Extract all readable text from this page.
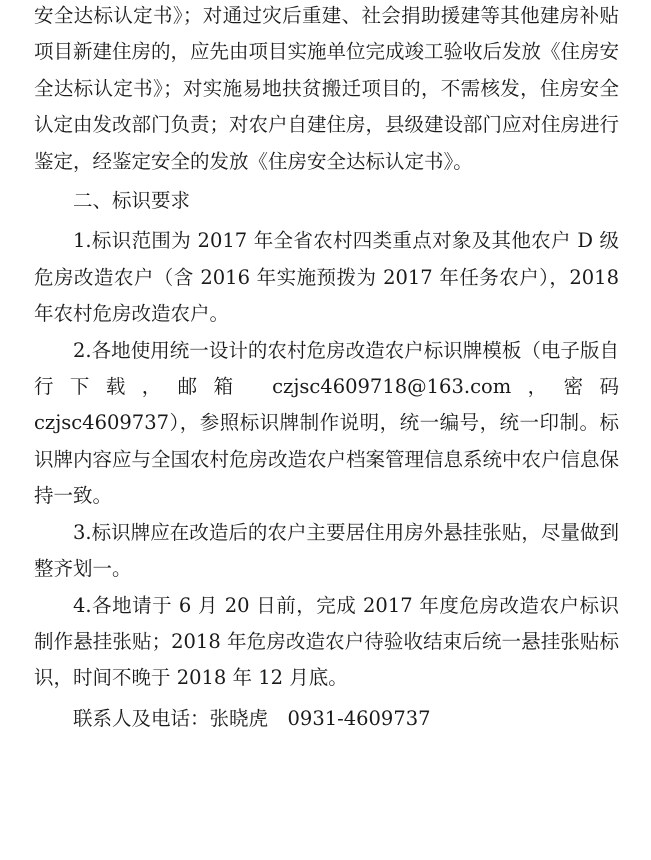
安全达标认定书》；对通过灾后重建、社会捐助援建等其他建房补贴项目新建住房的，应先由项目实施单位完成竣工验收后发放《住房安全达标认定书》；对实施易地扶贫搬迁项目的，不需核发，住房安全认定由发改部门负责；对农户自建住房，县级建设部门应对住房进行鉴定，经鉴定安全的发放《住房安全达标认定书》。

二、标识要求

1.标识范围为 2017 年全省农村四类重点对象及其他农户 D 级危房改造农户（含 2016 年实施预拨为 2017 年任务农户），2018 年农村危房改造农户。

2.各地使用统一设计的农村危房改造农户标识牌模板（电子版自行下载，邮箱 czjsc4609718@163.com，密码 czjsc4609737），参照标识牌制作说明，统一编号，统一印制。标识牌内容应与全国农村危房改造农户档案管理信息系统中农户信息保持一致。

3.标识牌应在改造后的农户主要居住用房外悬挂张贴，尽量做到整齐划一。

4.各地请于 6 月 20 日前，完成 2017 年度危房改造农户标识制作悬挂张贴；2018 年危房改造农户待验收结束后统一悬挂张贴标识，时间不晚于 2018 年 12 月底。

联系人及电话：张晓虎　0931-4609737
